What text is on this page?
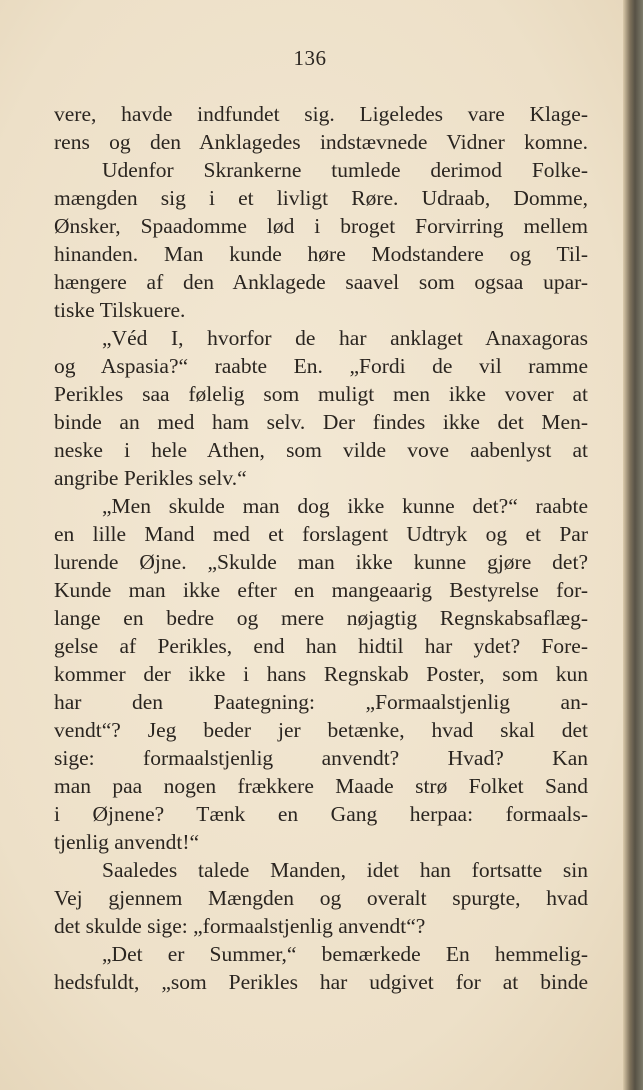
136
vere, havde indfundet sig. Ligeledes vare Klage-
rens og den Anklagedes indstævnede Vidner komne.
Udenfor Skrankerne tumlede derimod Folke-
mængden sig i et livligt Røre. Udraab, Domme,
Ønsker, Spaadomme lød i broget Forvirring mellem
hinanden. Man kunde høre Modstandere og Til-
hængere af den Anklagede saavel som ogsaa upar-
tiske Tilskuere.
„Véd I, hvorfor de har anklaget Anaxagoras
og Aspasia?“ raabte En. „Fordi de vil ramme
Perikles saa følelig som muligt men ikke vover at
binde an med ham selv. Der findes ikke det Men-
neske i hele Athen, som vilde vove aabenlyst at
angribe Perikles selv.“
„Men skulde man dog ikke kunne det?“ raabte
en lille Mand med et forslagent Udtryk og et Par
lurende Øjne. „Skulde man ikke kunne gjøre det?
Kunde man ikke efter en mangeaarig Bestyrelse for-
lange en bedre og mere nøjagtig Regnskabsaflæg-
gelse af Perikles, end han hidtil har ydet? Fore-
kommer der ikke i hans Regnskab Poster, som kun
har den Paategning: „Formaalstjenlig an-
vendt“? Jeg beder jer betænke, hvad skal det
sige: formaalstjenlig anvendt? Hvad? Kan
man paa nogen frækkere Maade strø Folket Sand
i Øjnene? Tænk en Gang herpaa: formaals-
tjenlig anvendt!“
Saaledes talede Manden, idet han fortsatte sin
Vej gjennem Mængden og overalt spurgte, hvad
det skulde sige: „formaalstjenlig anvendt“?
„Det er Summer,“ bemærkede En hemmelig-
hedsfuldt, „som Perikles har udgivet for at binde
